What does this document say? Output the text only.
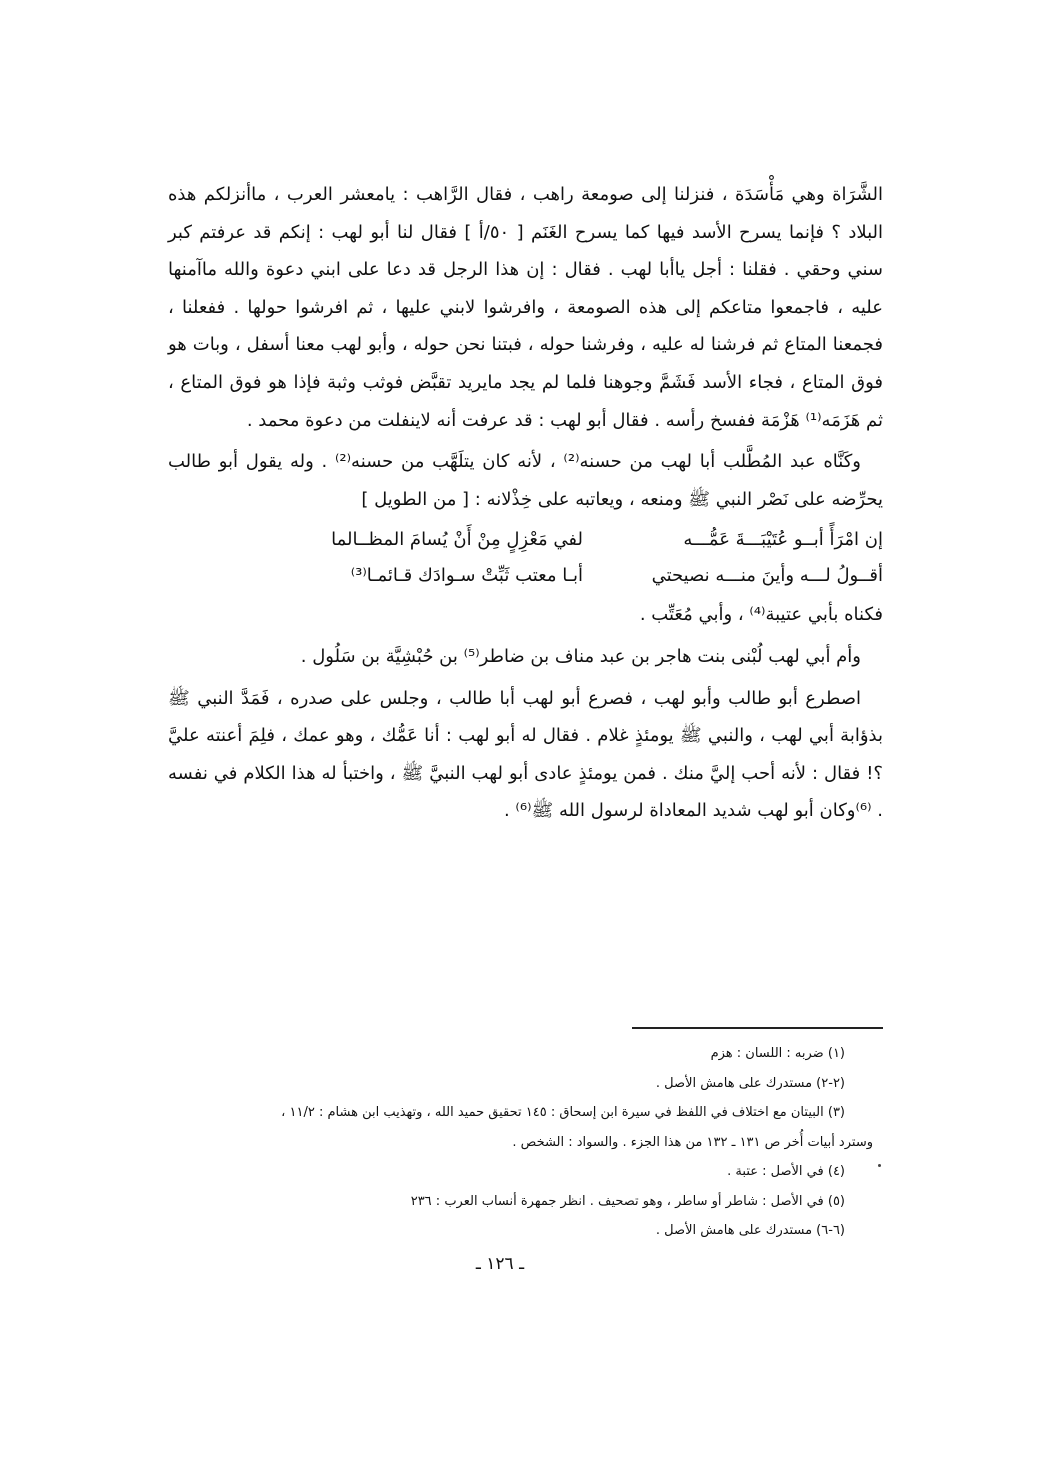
الشَّرَاة وهي مَأْسَدَة ، فنزلنا إلى صومعة راهب ، فقال الرَّاهب : يامعشر العرب ، ماأنزلكم هذه البلاد ؟ فإنما يسرح الأسد فيها كما يسرح الغَنَم [ ٥٠/أ ] فقال لنا أبو لهب : إنكم قد عرفتم كبر سني وحقي . فقلنا : أجل ياأبا لهب . فقال : إن هذا الرجل قد دعا على ابني دعوة والله ماآمنها عليه ، فاجمعوا متاعكم إلى هذه الصومعة ، وافرشوا لابني عليها ، ثم افرشوا حولها . ففعلنا ، فجمعنا المتاع ثم فرشنا له عليه ، وفرشنا حوله ، فبتنا نحن حوله ، وأبو لهب معنا أسفل ، وبات هو فوق المتاع ، فجاء الأسد فَشَمَّ وجوهنا فلما لم يجد مايريد تقبَّض فوثب وثبة فإذا هو فوق المتاع ، ثم هَزَمَه⁽¹⁾ هَزْمَة ففسخ رأسه . فقال أبو لهب : قد عرفت أنه لاينفلت من دعوة محمد .

وكَنَّاه عبد المُطَّلب أبا لهب من حسنه⁽²⁾ ، لأنه كان يتلَهَّب من حسنه⁽²⁾ . وله يقول أبو طالب يحرِّضه على نَصْر النبي ﷺ ومنعه ، ويعاتبه على خِذْلانه : [ من الطويل ]

إن امْرَأً أبــو عُتَيْبَـــةَ عَمُّـــه
لفي مَعْزِلٍ مِنْ أَنْ يُسامَ المظــالما
أقــولُ لـــه وأينَ منـــه نصيحتي
أبـا معتب ثَبِّتْ سـوادَك قـائمـا⁽³⁾

فكناه بأبي عتيبة⁽⁴⁾ ، وأبي مُعَتِّب .

وأم أبي لهب لُبْنى بنت هاجر بن عبد مناف بن ضاطر⁽⁵⁾ بن حُبْشِيَّة بن سَلُول .

اصطرع أبو طالب وأبو لهب ، فصرع أبو لهب أبا طالب ، وجلس على صدره ، فَمَدَّ النبي ﷺ بذؤابة أبي لهب ، والنبي ﷺ يومئذٍ غلام . فقال له أبو لهب : أنا عَمُّك ، وهو عمك ، فلِمَ أعنته عليَّ ؟! فقال : لأنه أحب إليَّ منك . فمن يومئذٍ عادى أبو لهب النبيَّ ﷺ ، واختبأ له هذا الكلام في نفسه . ⁽⁶⁾وكان أبو لهب شديد المعاداة لرسول الله ﷺ⁽⁶⁾ .

(١) ضربه : اللسان : هزم

(٢-٢) مستدرك على هامش الأصل .

(٣) البيتان مع اختلاف في اللفظ في سيرة ابن إسحاق : ١٤٥ تحقيق حميد الله ، وتهذيب ابن هشام : ١١/٢ ،

وسترد أبيات أُخر ص ١٣١ ـ ١٣٢ من هذا الجزء . والسواد : الشخص .

(٤) في الأصل : عتبة .

(٥) في الأصل : شاطر أو ساطر ، وهو تصحيف . انظر جمهرة أنساب العرب : ٢٣٦

(٦-٦) مستدرك على هامش الأصل .

ـ ١٢٦ ـ
